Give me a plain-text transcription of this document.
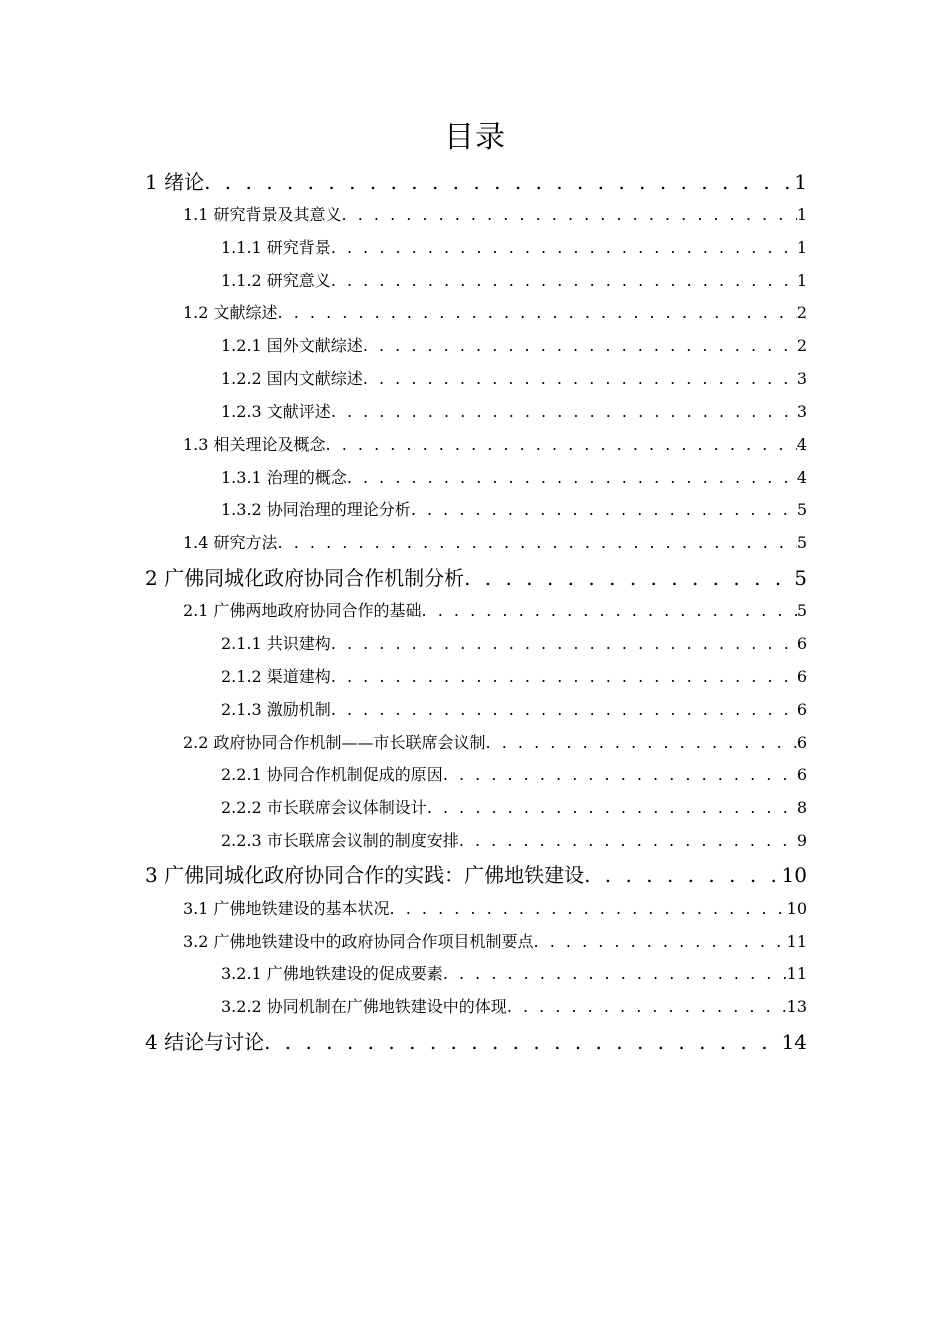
目录
1 绪论 . . .	1
1.1 研究背景及其意义 . . .	1
1.1.1 研究背景 . . .	1
1.1.2 研究意义 . . .	1
1.2 文献综述 . . .	2
1.2.1 国外文献综述 . . .	2
1.2.2 国内文献综述 . . .	3
1.2.3 文献评述 . . .	3
1.3 相关理论及概念 . . .	4
1.3.1 治理的概念 . . .	4
1.3.2 协同治理的理论分析 . . .	5
1.4 研究方法 . . .	5
2 广佛同城化政府协同合作机制分析 . . .	5
2.1 广佛两地政府协同合作的基础 . . .	5
2.1.1 共识建构 . . .	6
2.1.2 渠道建构 . . .	6
2.1.3 激励机制 . . .	6
2.2 政府协同合作机制——市长联席会议制 . . .	6
2.2.1 协同合作机制促成的原因 . . .	6
2.2.2 市长联席会议体制设计 . . .	8
2.2.3 市长联席会议制的制度安排 . . .	9
3 广佛同城化政府协同合作的实践：广佛地铁建设 . . .	10
3.1 广佛地铁建设的基本状况 . . .	10
3.2 广佛地铁建设中的政府协同合作项目机制要点 . . .	11
3.2.1 广佛地铁建设的促成要素 . . .	11
3.2.2 协同机制在广佛地铁建设中的体现 . . .	13
4 结论与讨论 . . .	14
